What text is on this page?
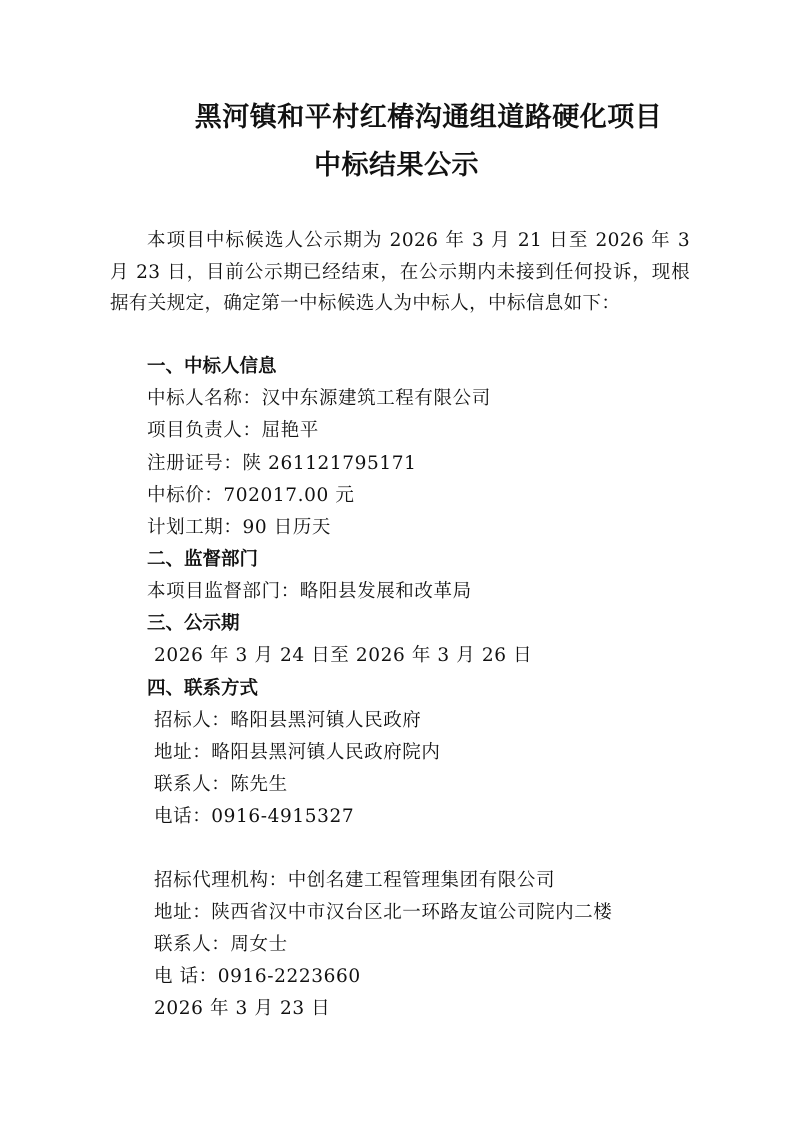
黑河镇和平村红椿沟通组道路硬化项目
中标结果公示

本项目中标候选人公示期为 2026 年 3 月 21 日至 2026 年 3 月 23 日，目前公示期已经结束，在公示期内未接到任何投诉，现根据有关规定，确定第一中标候选人为中标人，中标信息如下：

一、中标人信息
中标人名称：汉中东源建筑工程有限公司
项目负责人：屈艳平
注册证号：陕 261121795171
中标价：702017.00 元
计划工期：90 日历天
二、监督部门
本项目监督部门：略阳县发展和改革局
三、公示期
2026 年 3 月 24 日至 2026 年 3 月 26 日
四、联系方式
招标人：略阳县黑河镇人民政府
地址：略阳县黑河镇人民政府院内
联系人：陈先生
电话：0916-4915327
招标代理机构：中创名建工程管理集团有限公司
地址：陕西省汉中市汉台区北一环路友谊公司院内二楼
联系人：周女士
电 话：0916-2223660
2026 年 3 月 23 日
